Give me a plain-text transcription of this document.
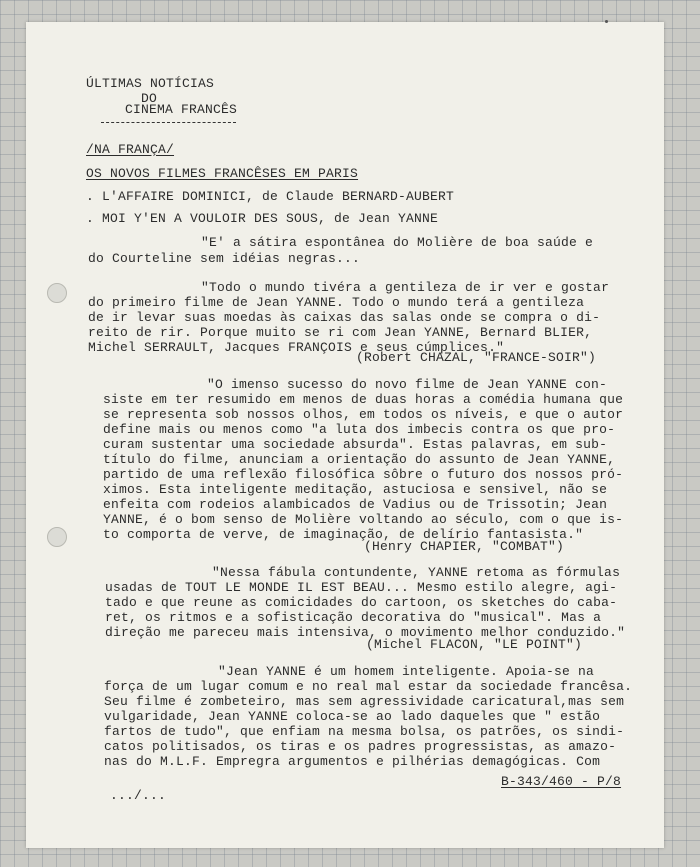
ÚLTIMAS NOTÍCIAS

DO

CINEMA FRANCÊS

/NA FRANÇA/

OS NOVOS FILMES FRANCÊSES EM PARIS

. L'AFFAIRE DOMINICI, de Claude BERNARD-AUBERT

. MOI Y'EN A VOULOIR DES SOUS, de Jean YANNE

"E' a sátira espontânea do Molière de boa saúde e

do Courteline sem idéias negras...

"Todo o mundo tivéra a gentileza de ir ver e gostar

do primeiro filme de Jean YANNE. Todo o mundo terá a gentileza

de ir levar suas moedas às caixas das salas onde se compra o di-

reito de rir. Porque muito se ri com Jean YANNE, Bernard BLIER,

Michel SERRAULT, Jacques FRANÇOIS e seus cúmplices."

(Robert CHAZAL, "FRANCE-SOIR")

"O imenso sucesso do novo filme de Jean YANNE con-

siste em ter resumido em menos de duas horas a comédia humana que

se representa sob nossos olhos, em todos os níveis, e que o autor

define mais ou menos como "a luta dos imbecis contra os que pro-

curam sustentar uma sociedade absurda". Estas palavras, em sub-

título do filme, anunciam a orientação do assunto de Jean YANNE,

partido de uma reflexão filosófica sôbre o futuro dos nossos pró-

ximos. Esta inteligente meditação, astuciosa e sensivel, não se

enfeita com rodeios alambicados de Vadius ou de Trissotin; Jean

YANNE, é o bom senso de Molière voltando ao século, com o que is-

to comporta de verve, de imaginação, de delírio fantasista."

(Henry CHAPIER, "COMBAT")

"Nessa fábula contundente, YANNE retoma as fórmulas

usadas de TOUT LE MONDE IL EST BEAU... Mesmo estilo alegre, agi-

tado e que reune as comicidades do cartoon, os sketches do caba-

ret, os ritmos e a sofisticação decorativa do "musical". Mas a

direção me pareceu mais intensiva, o movimento melhor conduzido."

(Michel FLACON, "LE POINT")

"Jean YANNE é um homem inteligente. Apoia-se na

força de um lugar comum e no real mal estar da sociedade francêsa.

Seu filme é zombeteiro, mas sem agressividade caricatural,mas sem

vulgaridade, Jean YANNE coloca-se ao lado daqueles que " estão

fartos de tudo", que enfiam na mesma bolsa, os patrões, os sindi-

catos politisados, os tiras e os padres progressistas, as amazo-

nas do M.L.F. Empregra argumentos e pilhérias demagógicas. Com

B-343/460 - P/8

.../...
